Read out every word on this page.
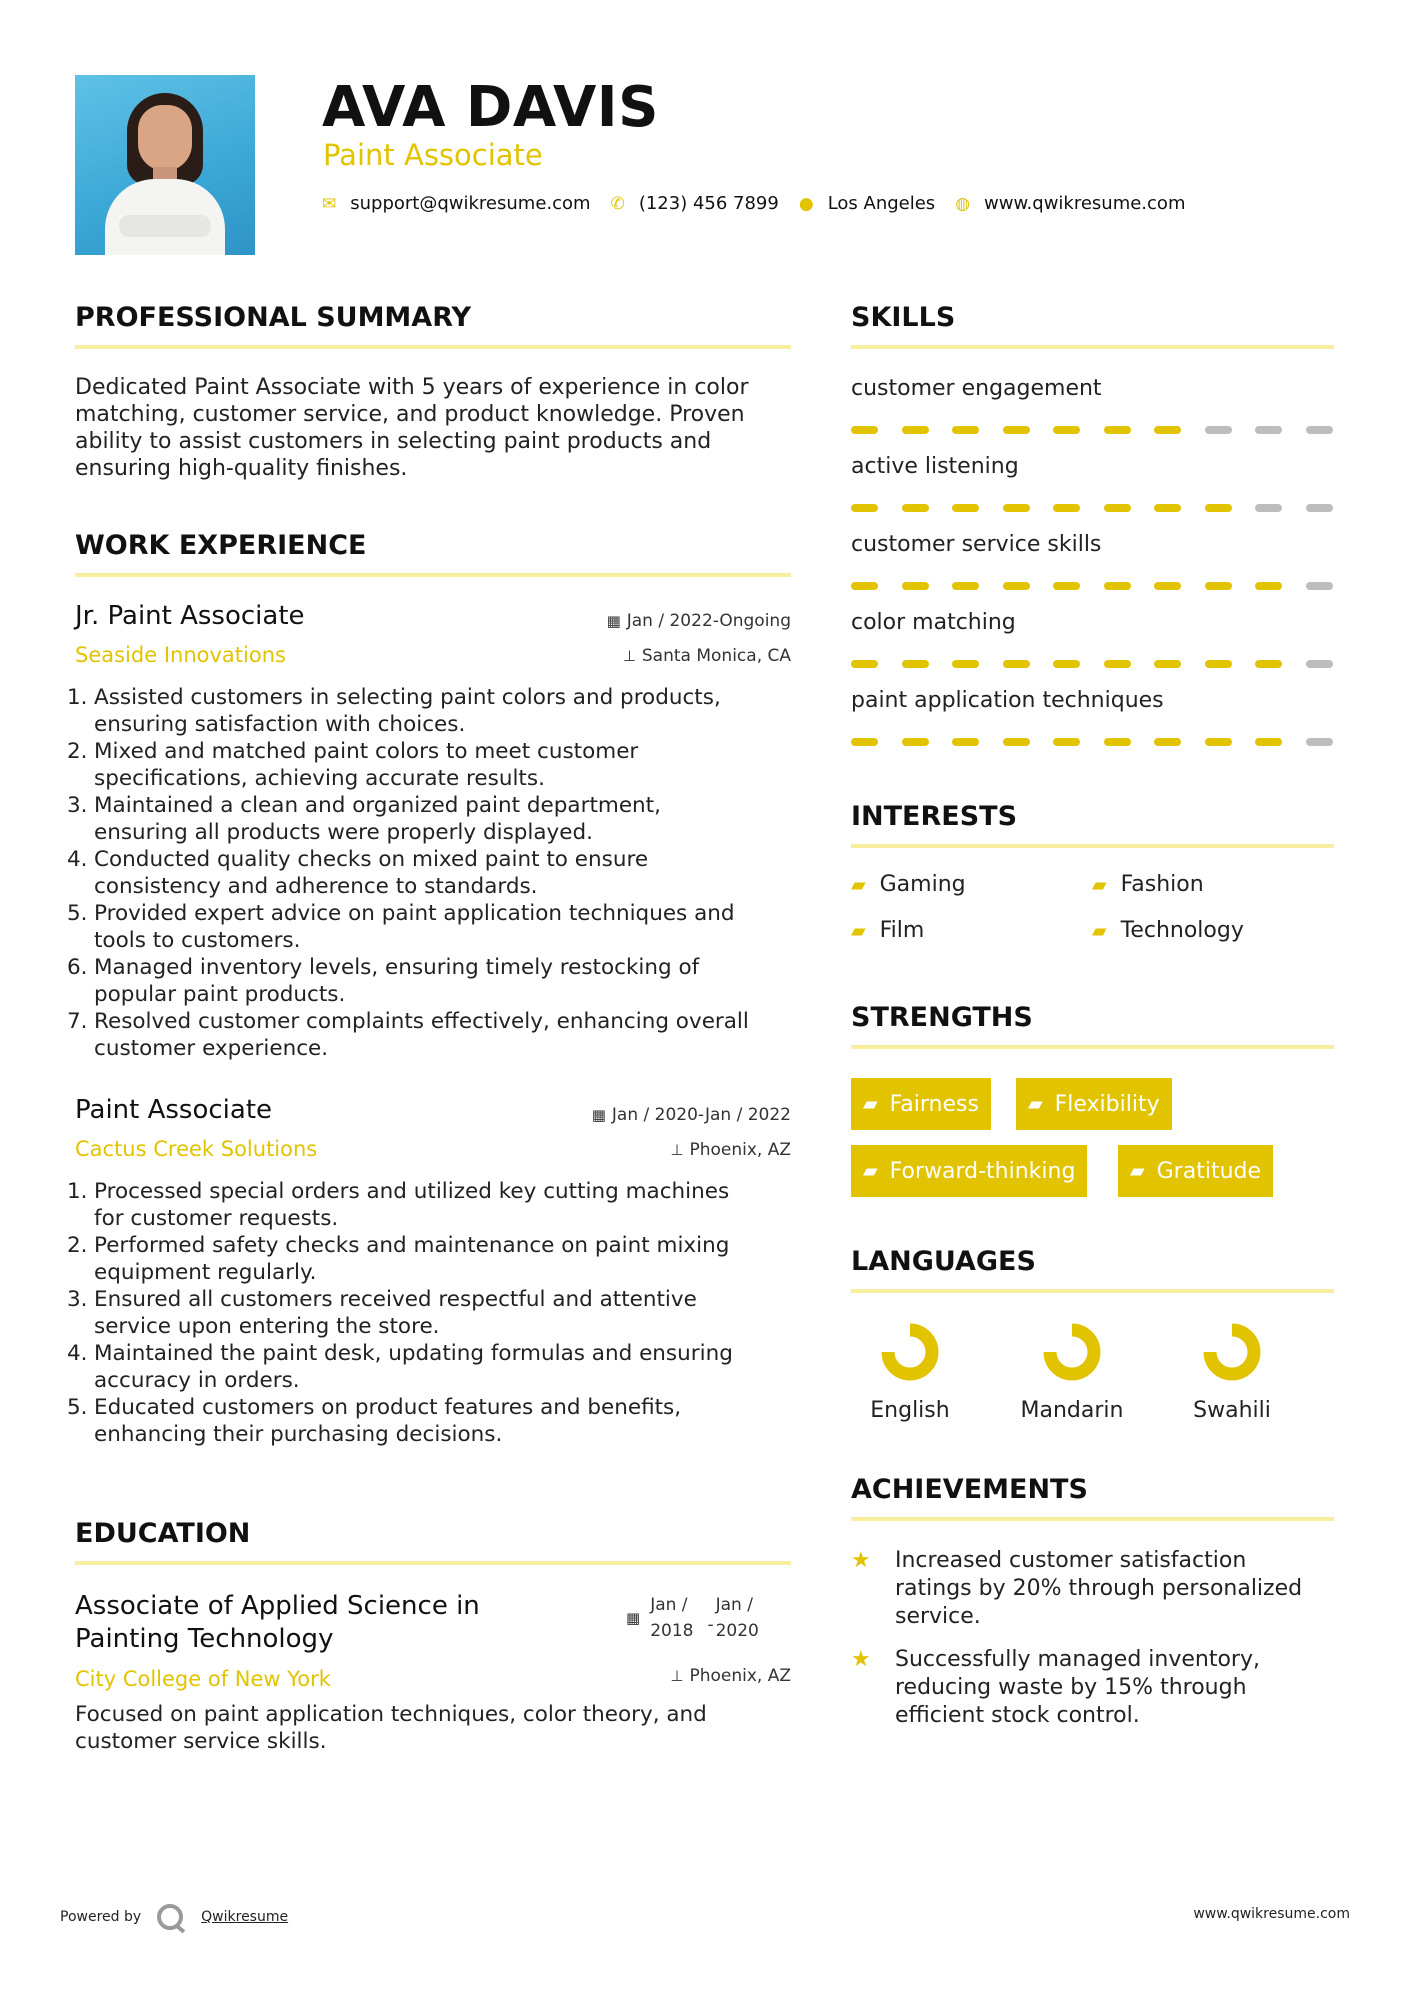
AVA DAVIS
Paint Associate
✉ support@qwikresume.com ✆ (123) 456 7899 ● Los Angeles ◍ www.qwikresume.com
PROFESSIONAL SUMMARY
Dedicated Paint Associate with 5 years of experience in color
matching, customer service, and product knowledge. Proven
ability to assist customers in selecting paint products and
ensuring high-quality finishes.
WORK EXPERIENCE
Jr. Paint Associate
Seaside Innovations
▦ Jan / 2022-Ongoing
⊥ Santa Monica, CA
1. Assisted customers in selecting paint colors and products,
ensuring satisfaction with choices.
2. Mixed and matched paint colors to meet customer
specifications, achieving accurate results.
3. Maintained a clean and organized paint department,
ensuring all products were properly displayed.
4. Conducted quality checks on mixed paint to ensure
consistency and adherence to standards.
5. Provided expert advice on paint application techniques and
tools to customers.
6. Managed inventory levels, ensuring timely restocking of
popular paint products.
7. Resolved customer complaints effectively, enhancing overall
customer experience.
Paint Associate
Cactus Creek Solutions
▦ Jan / 2020-Jan / 2022
⊥ Phoenix, AZ
1. Processed special orders and utilized key cutting machines
for customer requests.
2. Performed safety checks and maintenance on paint mixing
equipment regularly.
3. Ensured all customers received respectful and attentive
service upon entering the store.
4. Maintained the paint desk, updating formulas and ensuring
accuracy in orders.
5. Educated customers on product features and benefits,
enhancing their purchasing decisions.
EDUCATION
Associate of Applied Science in
Painting Technology
City College of New York
▦
Jan /
2018 -
Jan /
2020
⊥ Phoenix, AZ
Focused on paint application techniques, color theory, and
customer service skills.
SKILLS
customer engagement
active listening
customer service skills
color matching
paint application techniques
INTERESTS
▰ Gaming	▰ Fashion
▰ Film	▰ Technology
STRENGTHS
▰ Fairness	▰ Flexibility
▰ Forward-thinking	▰ Gratitude
LANGUAGES
English	Mandarin	Swahili
ACHIEVEMENTS
★	Increased customer satisfaction
ratings by 20% through personalized
service.
★	Successfully managed inventory,
reducing waste by 15% through
efficient stock control.
Powered by	Qwikresume	www.qwikresume.com
